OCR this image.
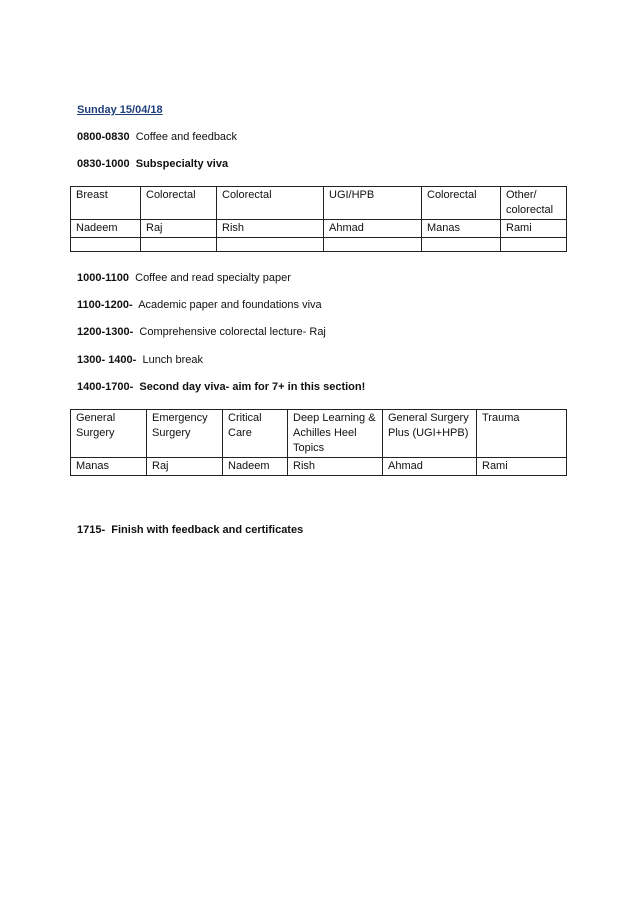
Sunday 15/04/18
0800-0830 Coffee and feedback
0830-1000 Subspecialty viva
Breast	Colorectal	Colorectal	UGI/HPB	Colorectal	Other/ colorectal
Nadeem	Raj	Rish	Ahmad	Manas	Rami

1000-1100 Coffee and read specialty paper
1100-1200- Academic paper and foundations viva
1200-1300- Comprehensive colorectal lecture- Raj
1300- 1400- Lunch break
1400-1700- Second day viva- aim for 7+ in this section!
General Surgery	Emergency Surgery	Critical Care	Deep Learning & Achilles Heel Topics	General Surgery Plus (UGI+HPB)	Trauma
Manas	Raj	Nadeem	Rish	Ahmad	Rami
1715- Finish with feedback and certificates
